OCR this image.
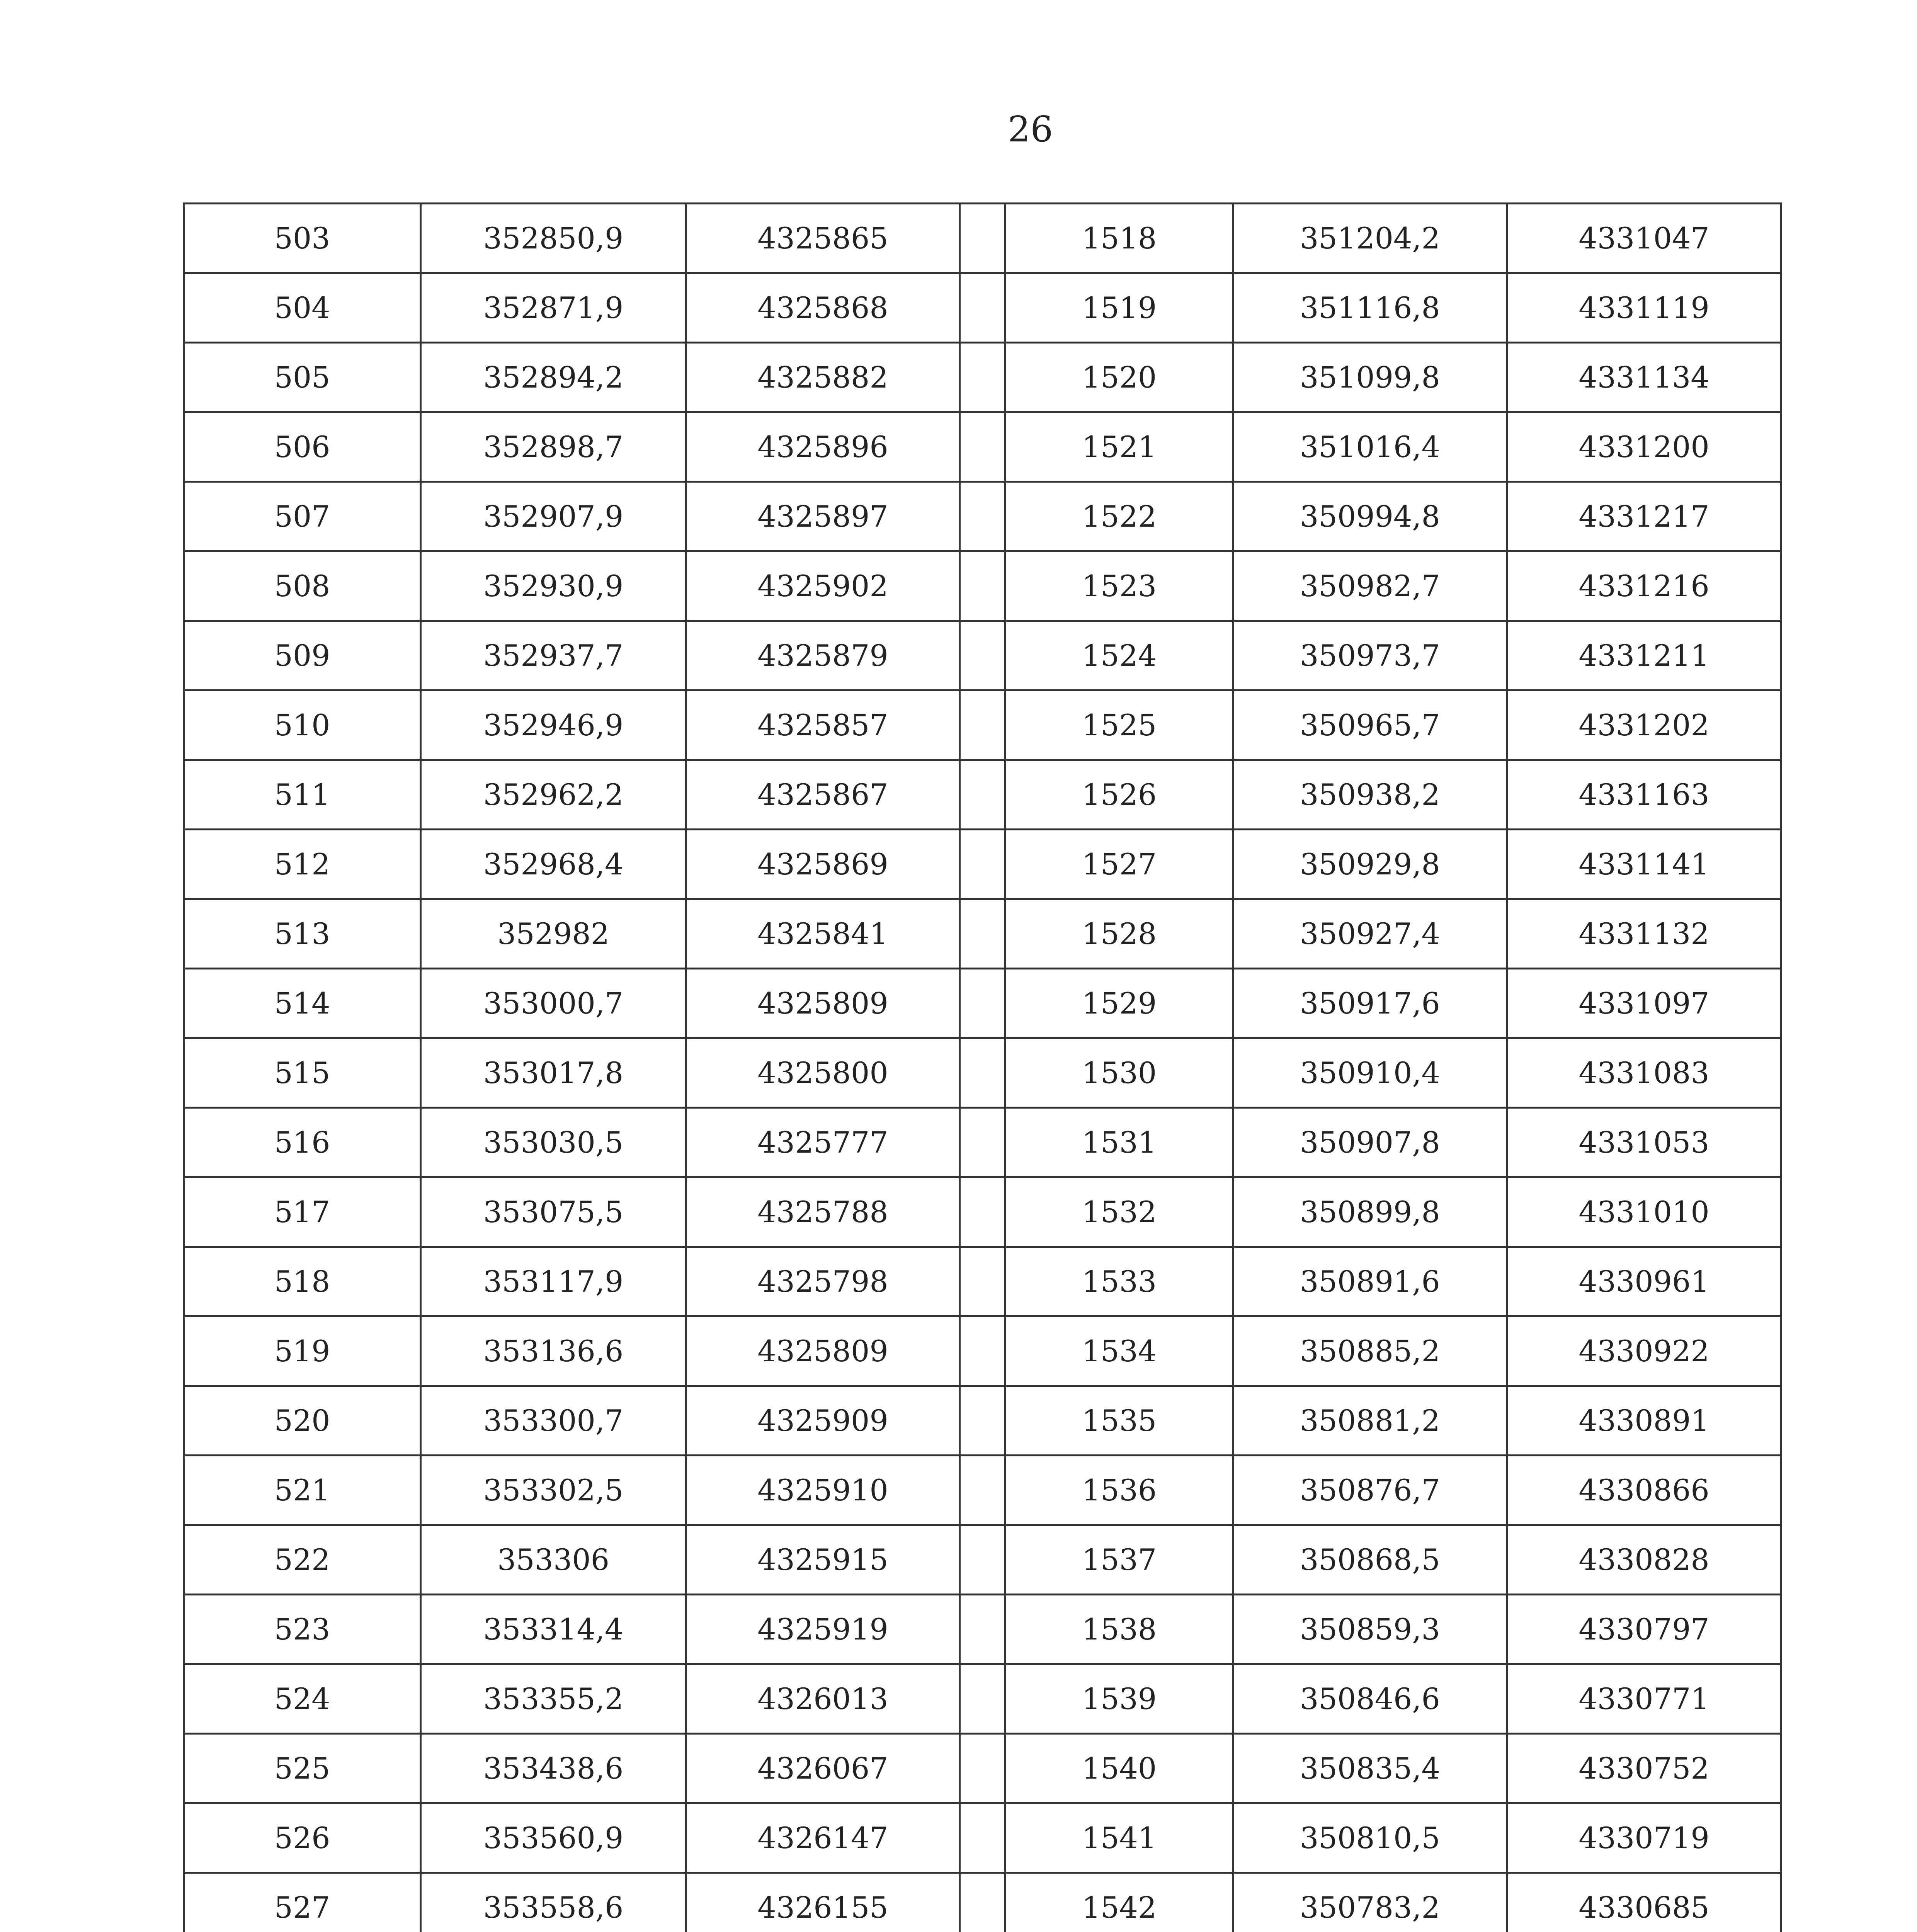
26
503	352850,9	4325865		1518	351204,2	4331047
504	352871,9	4325868		1519	351116,8	4331119
505	352894,2	4325882		1520	351099,8	4331134
506	352898,7	4325896		1521	351016,4	4331200
507	352907,9	4325897		1522	350994,8	4331217
508	352930,9	4325902		1523	350982,7	4331216
509	352937,7	4325879		1524	350973,7	4331211
510	352946,9	4325857		1525	350965,7	4331202
511	352962,2	4325867		1526	350938,2	4331163
512	352968,4	4325869		1527	350929,8	4331141
513	352982	4325841		1528	350927,4	4331132
514	353000,7	4325809		1529	350917,6	4331097
515	353017,8	4325800		1530	350910,4	4331083
516	353030,5	4325777		1531	350907,8	4331053
517	353075,5	4325788		1532	350899,8	4331010
518	353117,9	4325798		1533	350891,6	4330961
519	353136,6	4325809		1534	350885,2	4330922
520	353300,7	4325909		1535	350881,2	4330891
521	353302,5	4325910		1536	350876,7	4330866
522	353306	4325915		1537	350868,5	4330828
523	353314,4	4325919		1538	350859,3	4330797
524	353355,2	4326013		1539	350846,6	4330771
525	353438,6	4326067		1540	350835,4	4330752
526	353560,9	4326147		1541	350810,5	4330719
527	353558,6	4326155		1542	350783,2	4330685
